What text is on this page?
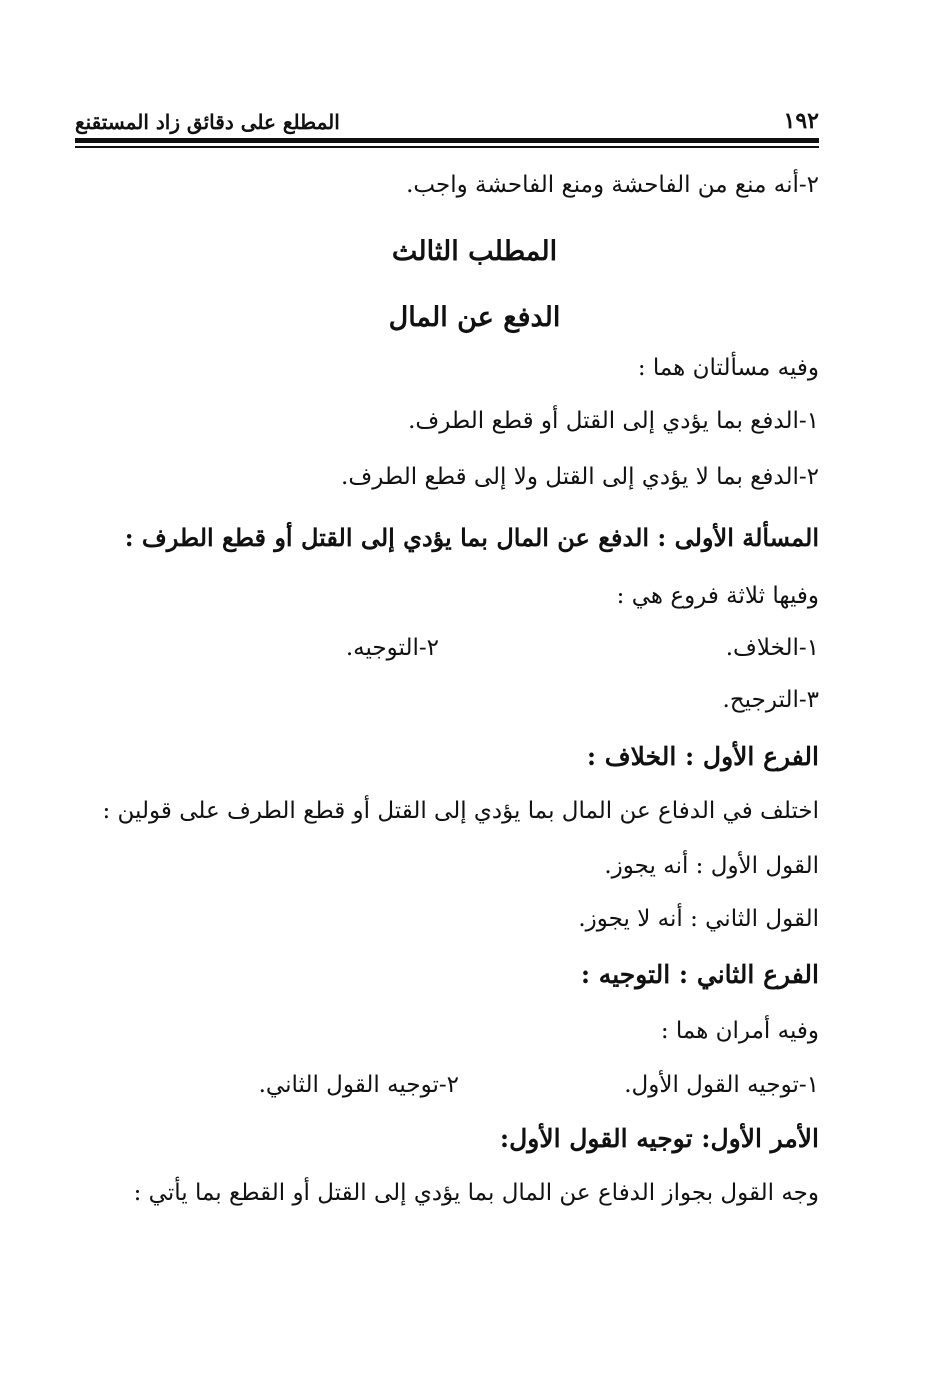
١٩٢
المطلع على دقائق زاد المستقنع
٢-أنه منع من الفاحشة ومنع الفاحشة واجب.
المطلب الثالث
الدفع عن المال
وفيه مسألتان هما :
١-الدفع بما يؤدي إلى القتل أو قطع الطرف.
٢-الدفع بما لا يؤدي إلى القتل ولا إلى قطع الطرف.
المسألة الأولى : الدفع عن المال بما يؤدي إلى القتل أو قطع الطرف :
وفيها ثلاثة فروع هي :
١-الخلاف.
٢-التوجيه.
٣-الترجيح.
الفرع الأول : الخلاف :
اختلف في الدفاع عن المال بما يؤدي إلى القتل أو قطع الطرف على قولين :
القول الأول : أنه يجوز.
القول الثاني : أنه لا يجوز.
الفرع الثاني : التوجيه :
وفيه أمران هما :
١-توجيه القول الأول.
٢-توجيه القول الثاني.
الأمر الأول: توجيه القول الأول:
وجه القول بجواز الدفاع عن المال بما يؤدي إلى القتل أو القطع بما يأتي :
